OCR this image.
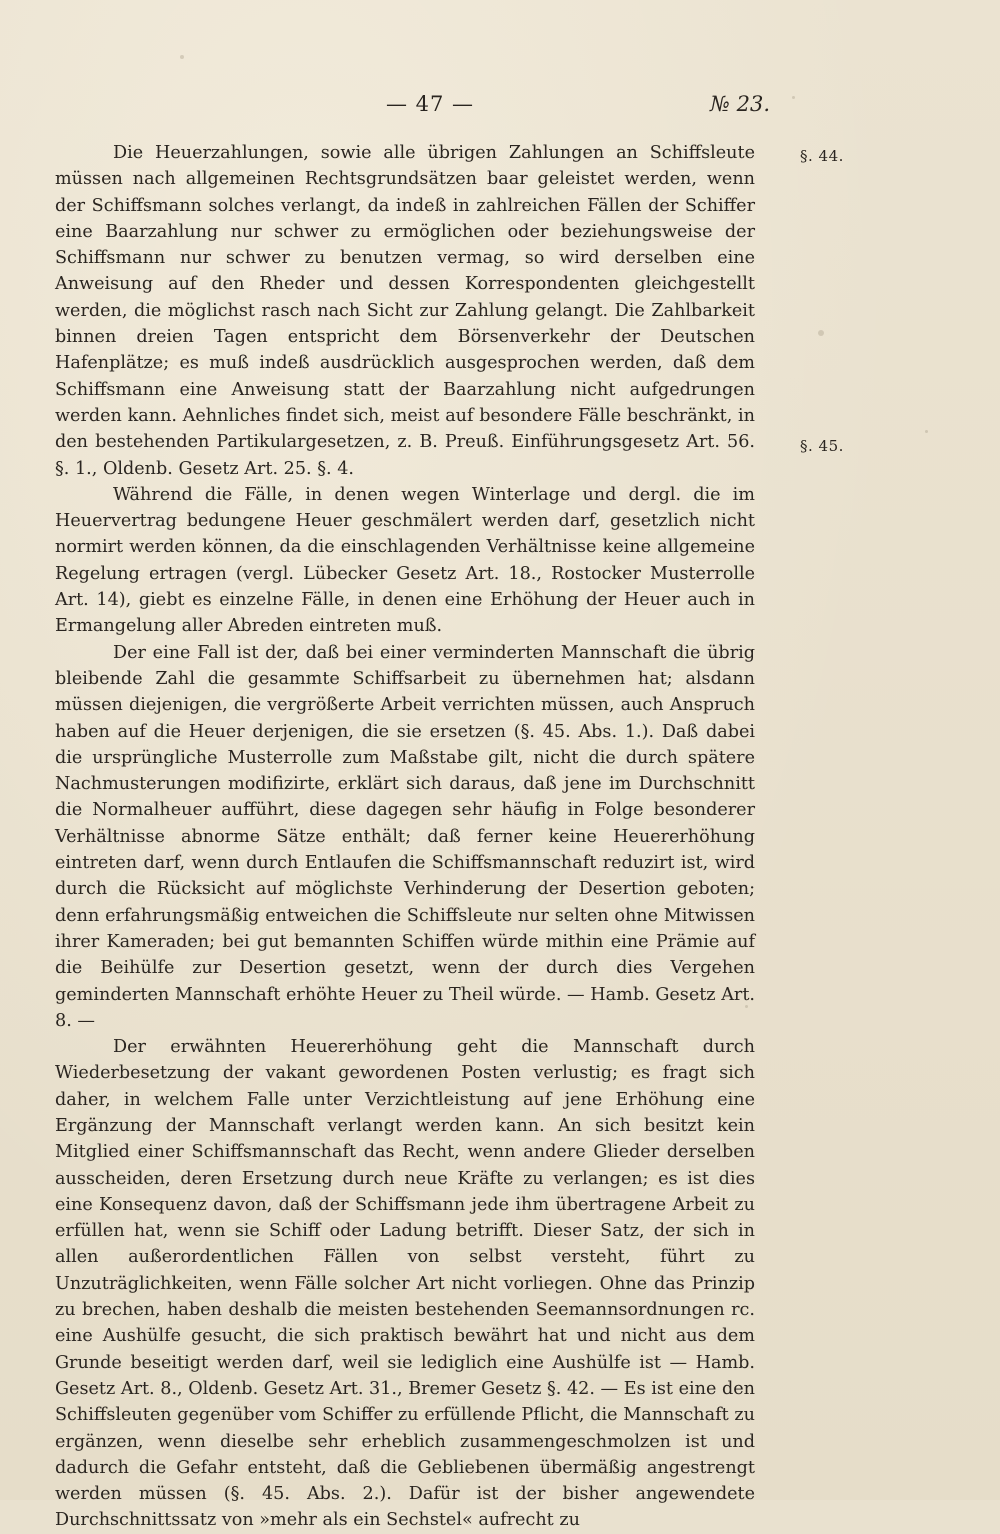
— 47 —	№ 23.
§. 44.
§. 45.

Die Heuerzahlungen, sowie alle übrigen Zahlungen an Schiffsleute müssen nach allgemeinen Rechtsgrundsätzen baar geleistet werden, wenn der Schiffsmann solches verlangt, da indeß in zahlreichen Fällen der Schiffer eine Baarzahlung nur schwer zu ermöglichen oder beziehungsweise der Schiffsmann nur schwer zu benutzen vermag, so wird derselben eine Anweisung auf den Rheder und dessen Korrespondenten gleichgestellt werden, die möglichst rasch nach Sicht zur Zahlung gelangt. Die Zahlbarkeit binnen dreien Tagen entspricht dem Börsenverkehr der Deutschen Hafenplätze; es muß indeß ausdrücklich ausgesprochen werden, daß dem Schiffsmann eine Anweisung statt der Baarzahlung nicht aufgedrungen werden kann. Aehnliches findet sich, meist auf besondere Fälle beschränkt, in den bestehenden Partikulargesetzen, z. B. Preuß. Einführungsgesetz Art. 56. §. 1., Oldenb. Gesetz Art. 25. §. 4.

Während die Fälle, in denen wegen Winterlage und dergl. die im Heuervertrag bedungene Heuer geschmälert werden darf, gesetzlich nicht normirt werden können, da die einschlagenden Verhältnisse keine allgemeine Regelung ertragen (vergl. Lübecker Gesetz Art. 18., Rostocker Musterrolle Art. 14), giebt es einzelne Fälle, in denen eine Erhöhung der Heuer auch in Ermangelung aller Abreden eintreten muß.

Der eine Fall ist der, daß bei einer verminderten Mannschaft die übrig bleibende Zahl die gesammte Schiffsarbeit zu übernehmen hat; alsdann müssen diejenigen, die vergrößerte Arbeit verrichten müssen, auch Anspruch haben auf die Heuer derjenigen, die sie ersetzen (§. 45. Abs. 1.). Daß dabei die ursprüngliche Musterrolle zum Maßstabe gilt, nicht die durch spätere Nachmusterungen modifizirte, erklärt sich daraus, daß jene im Durchschnitt die Normalheuer aufführt, diese dagegen sehr häufig in Folge besonderer Verhältnisse abnorme Sätze enthält; daß ferner keine Heuererhöhung eintreten darf, wenn durch Entlaufen die Schiffsmannschaft reduzirt ist, wird durch die Rücksicht auf möglichste Verhinderung der Desertion geboten; denn erfahrungsmäßig entweichen die Schiffsleute nur selten ohne Mitwissen ihrer Kameraden; bei gut bemannten Schiffen würde mithin eine Prämie auf die Beihülfe zur Desertion gesetzt, wenn der durch dies Vergehen geminderten Mannschaft erhöhte Heuer zu Theil würde. — Hamb. Gesetz Art. 8. —

Der erwähnten Heuererhöhung geht die Mannschaft durch Wiederbesetzung der vakant gewordenen Posten verlustig; es fragt sich daher, in welchem Falle unter Verzichtleistung auf jene Erhöhung eine Ergänzung der Mannschaft verlangt werden kann. An sich besitzt kein Mitglied einer Schiffsmannschaft das Recht, wenn andere Glieder derselben ausscheiden, deren Ersetzung durch neue Kräfte zu verlangen; es ist dies eine Konsequenz davon, daß der Schiffsmann jede ihm übertragene Arbeit zu erfüllen hat, wenn sie Schiff oder Ladung betrifft. Dieser Satz, der sich in allen außerordentlichen Fällen von selbst versteht, führt zu Unzuträglichkeiten, wenn Fälle solcher Art nicht vorliegen. Ohne das Prinzip zu brechen, haben deshalb die meisten bestehenden Seemannsordnungen rc. eine Aushülfe gesucht, die sich praktisch bewährt hat und nicht aus dem Grunde beseitigt werden darf, weil sie lediglich eine Aushülfe ist — Hamb. Gesetz Art. 8., Oldenb. Gesetz Art. 31., Bremer Gesetz §. 42. — Es ist eine den Schiffsleuten gegenüber vom Schiffer zu erfüllende Pflicht, die Mannschaft zu ergänzen, wenn dieselbe sehr erheblich zusammengeschmolzen ist und dadurch die Gefahr entsteht, daß die Gebliebenen übermäßig angestrengt werden müssen (§. 45. Abs. 2.). Dafür ist der bisher angewendete Durchschnittssatz von »mehr als ein Sechstel« aufrecht zu
